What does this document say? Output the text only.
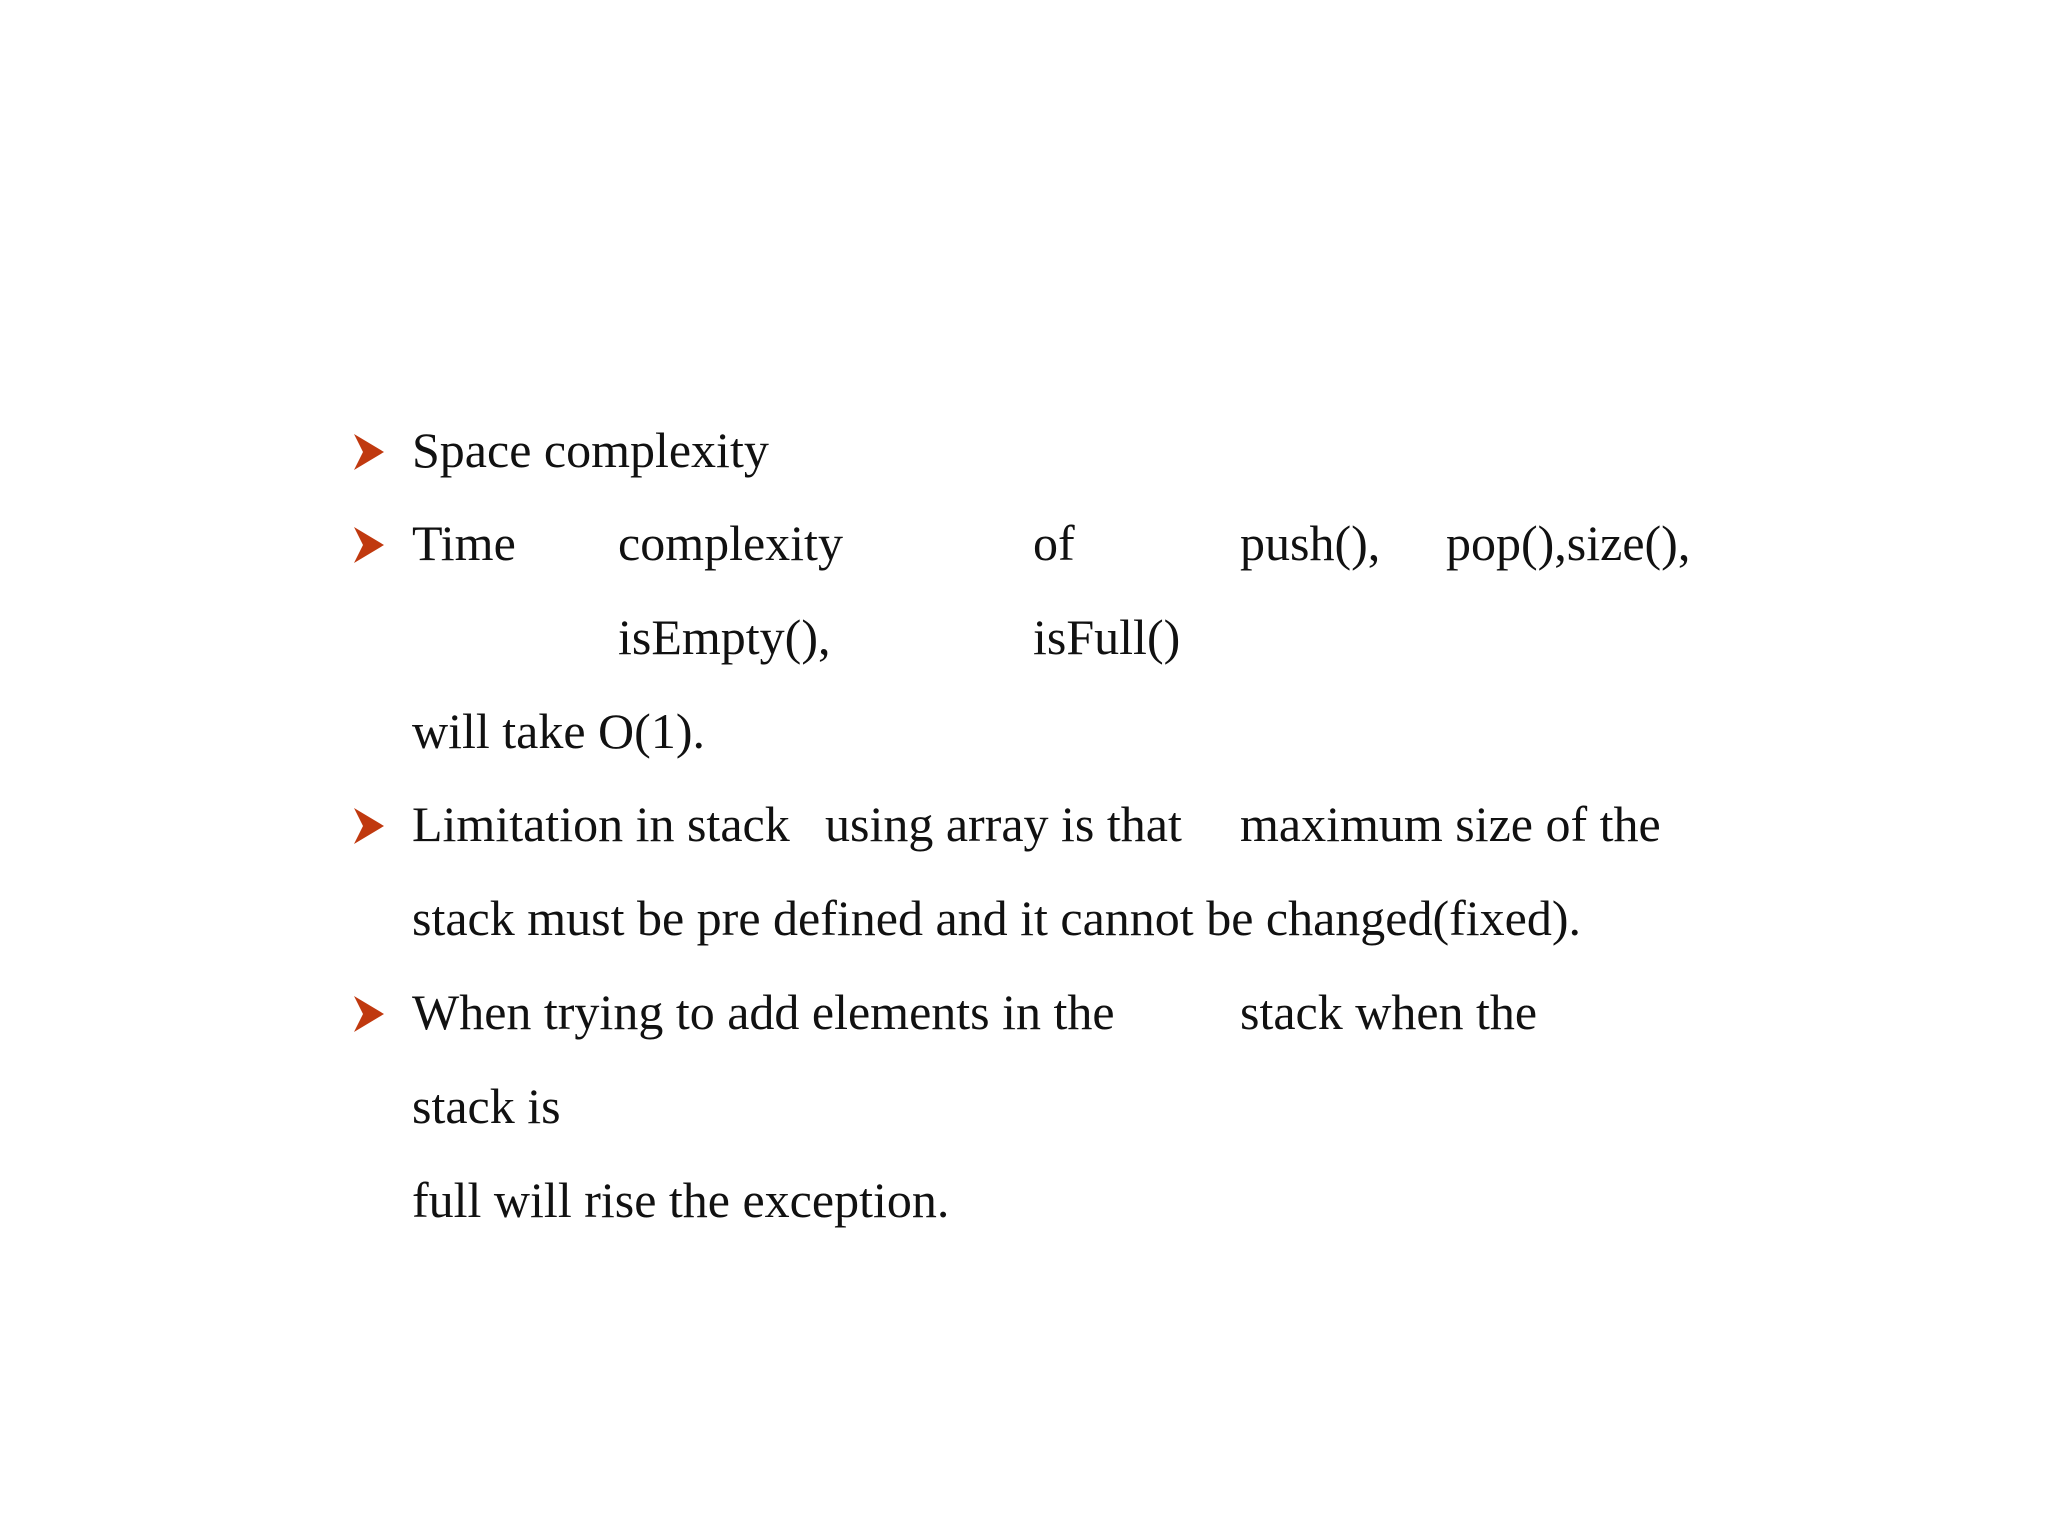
Space complexity
Time complexity	of	push(), pop(),size(),
isEmpty(),	isFull()
will take O(1).
Limitation in stack using array is that maximum size of the
stack must be pre defined and it cannot be changed(fixed).
When trying to add elements in the	stack when the
stack is
full will rise the exception.
